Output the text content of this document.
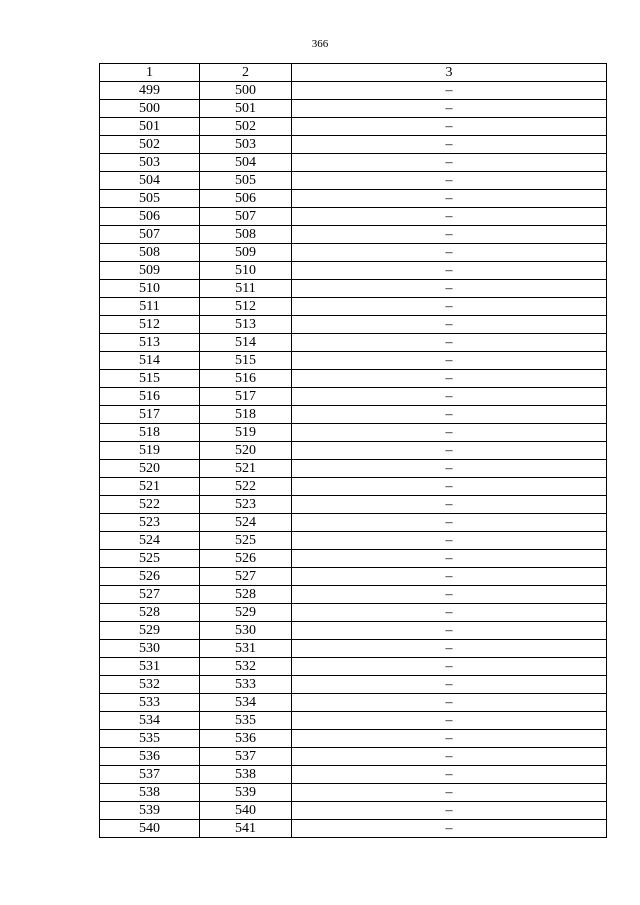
366
1	2	3
499	500	–
500	501	–
501	502	–
502	503	–
503	504	–
504	505	–
505	506	–
506	507	–
507	508	–
508	509	–
509	510	–
510	511	–
511	512	–
512	513	–
513	514	–
514	515	–
515	516	–
516	517	–
517	518	–
518	519	–
519	520	–
520	521	–
521	522	–
522	523	–
523	524	–
524	525	–
525	526	–
526	527	–
527	528	–
528	529	–
529	530	–
530	531	–
531	532	–
532	533	–
533	534	–
534	535	–
535	536	–
536	537	–
537	538	–
538	539	–
539	540	–
540	541	–
